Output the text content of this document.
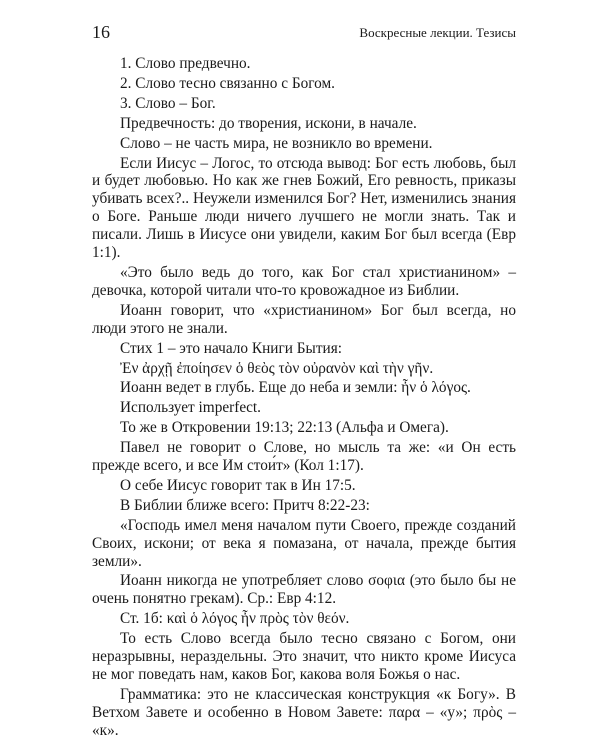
16	Воскресные лекции. Тезисы

1. Слово предвечно.

2. Слово тесно связанно с Богом.

3. Слово – Бог.

Предвечность: до творения, искони, в начале.

Слово – не часть мира, не возникло во времени.

Если Иисус – Логос, то отсюда вывод: Бог есть любовь, был и будет любовью. Но как же гнев Божий, Его ревность, приказы убивать всех?.. Неужели изменился Бог? Нет, изменились знания о Боге. Раньше люди ничего лучшего не могли знать. Так и писали. Лишь в Иисусе они увидели, каким Бог был всегда (Евр 1:1).

«Это было ведь до того, как Бог стал христианином» – девочка, которой читали что-то кровожадное из Библии.

Иоанн говорит, что «христианином» Бог был всегда, но люди этого не знали.

Стих 1 – это начало Книги Бытия:

Ἐν ἀρχῇ ἐποίησεν ὁ θεὸς τὸν οὐρανὸν καὶ τὴν γῆν.

Иоанн ведет в глубь. Еще до неба и земли: ἦν ὁ λόγος.

Использует imperfect.

То же в Откровении 19:13; 22:13 (Альфа и Омега).

Павел не говорит о Слове, но мысль та же: «и Он есть прежде всего, и все Им стои́т» (Кол 1:17).

О себе Иисус говорит так в Ин 17:5.

В Библии ближе всего: Притч 8:22-23:

«Господь имел меня началом пути Своего, прежде созданий Своих, искони; от века я помазана, от начала, прежде бытия земли».

Иоанн никогда не употребляет слово σοφια (это было бы не очень понятно грекам). Ср.: Евр 4:12.

Ст. 1б: καὶ ὁ λόγος ἦν πρὸς τὸν θεόν.

То есть Слово всегда было тесно связано с Богом, они неразрывны, нераздельны. Это значит, что никто кроме Иисуса не мог поведать нам, каков Бог, какова воля Божья о нас.

Грамматика: это не классическая конструкция «к Богу». В Ветхом Завете и особенно в Новом Завете: παρα – «у»; πρὸς – «к».
